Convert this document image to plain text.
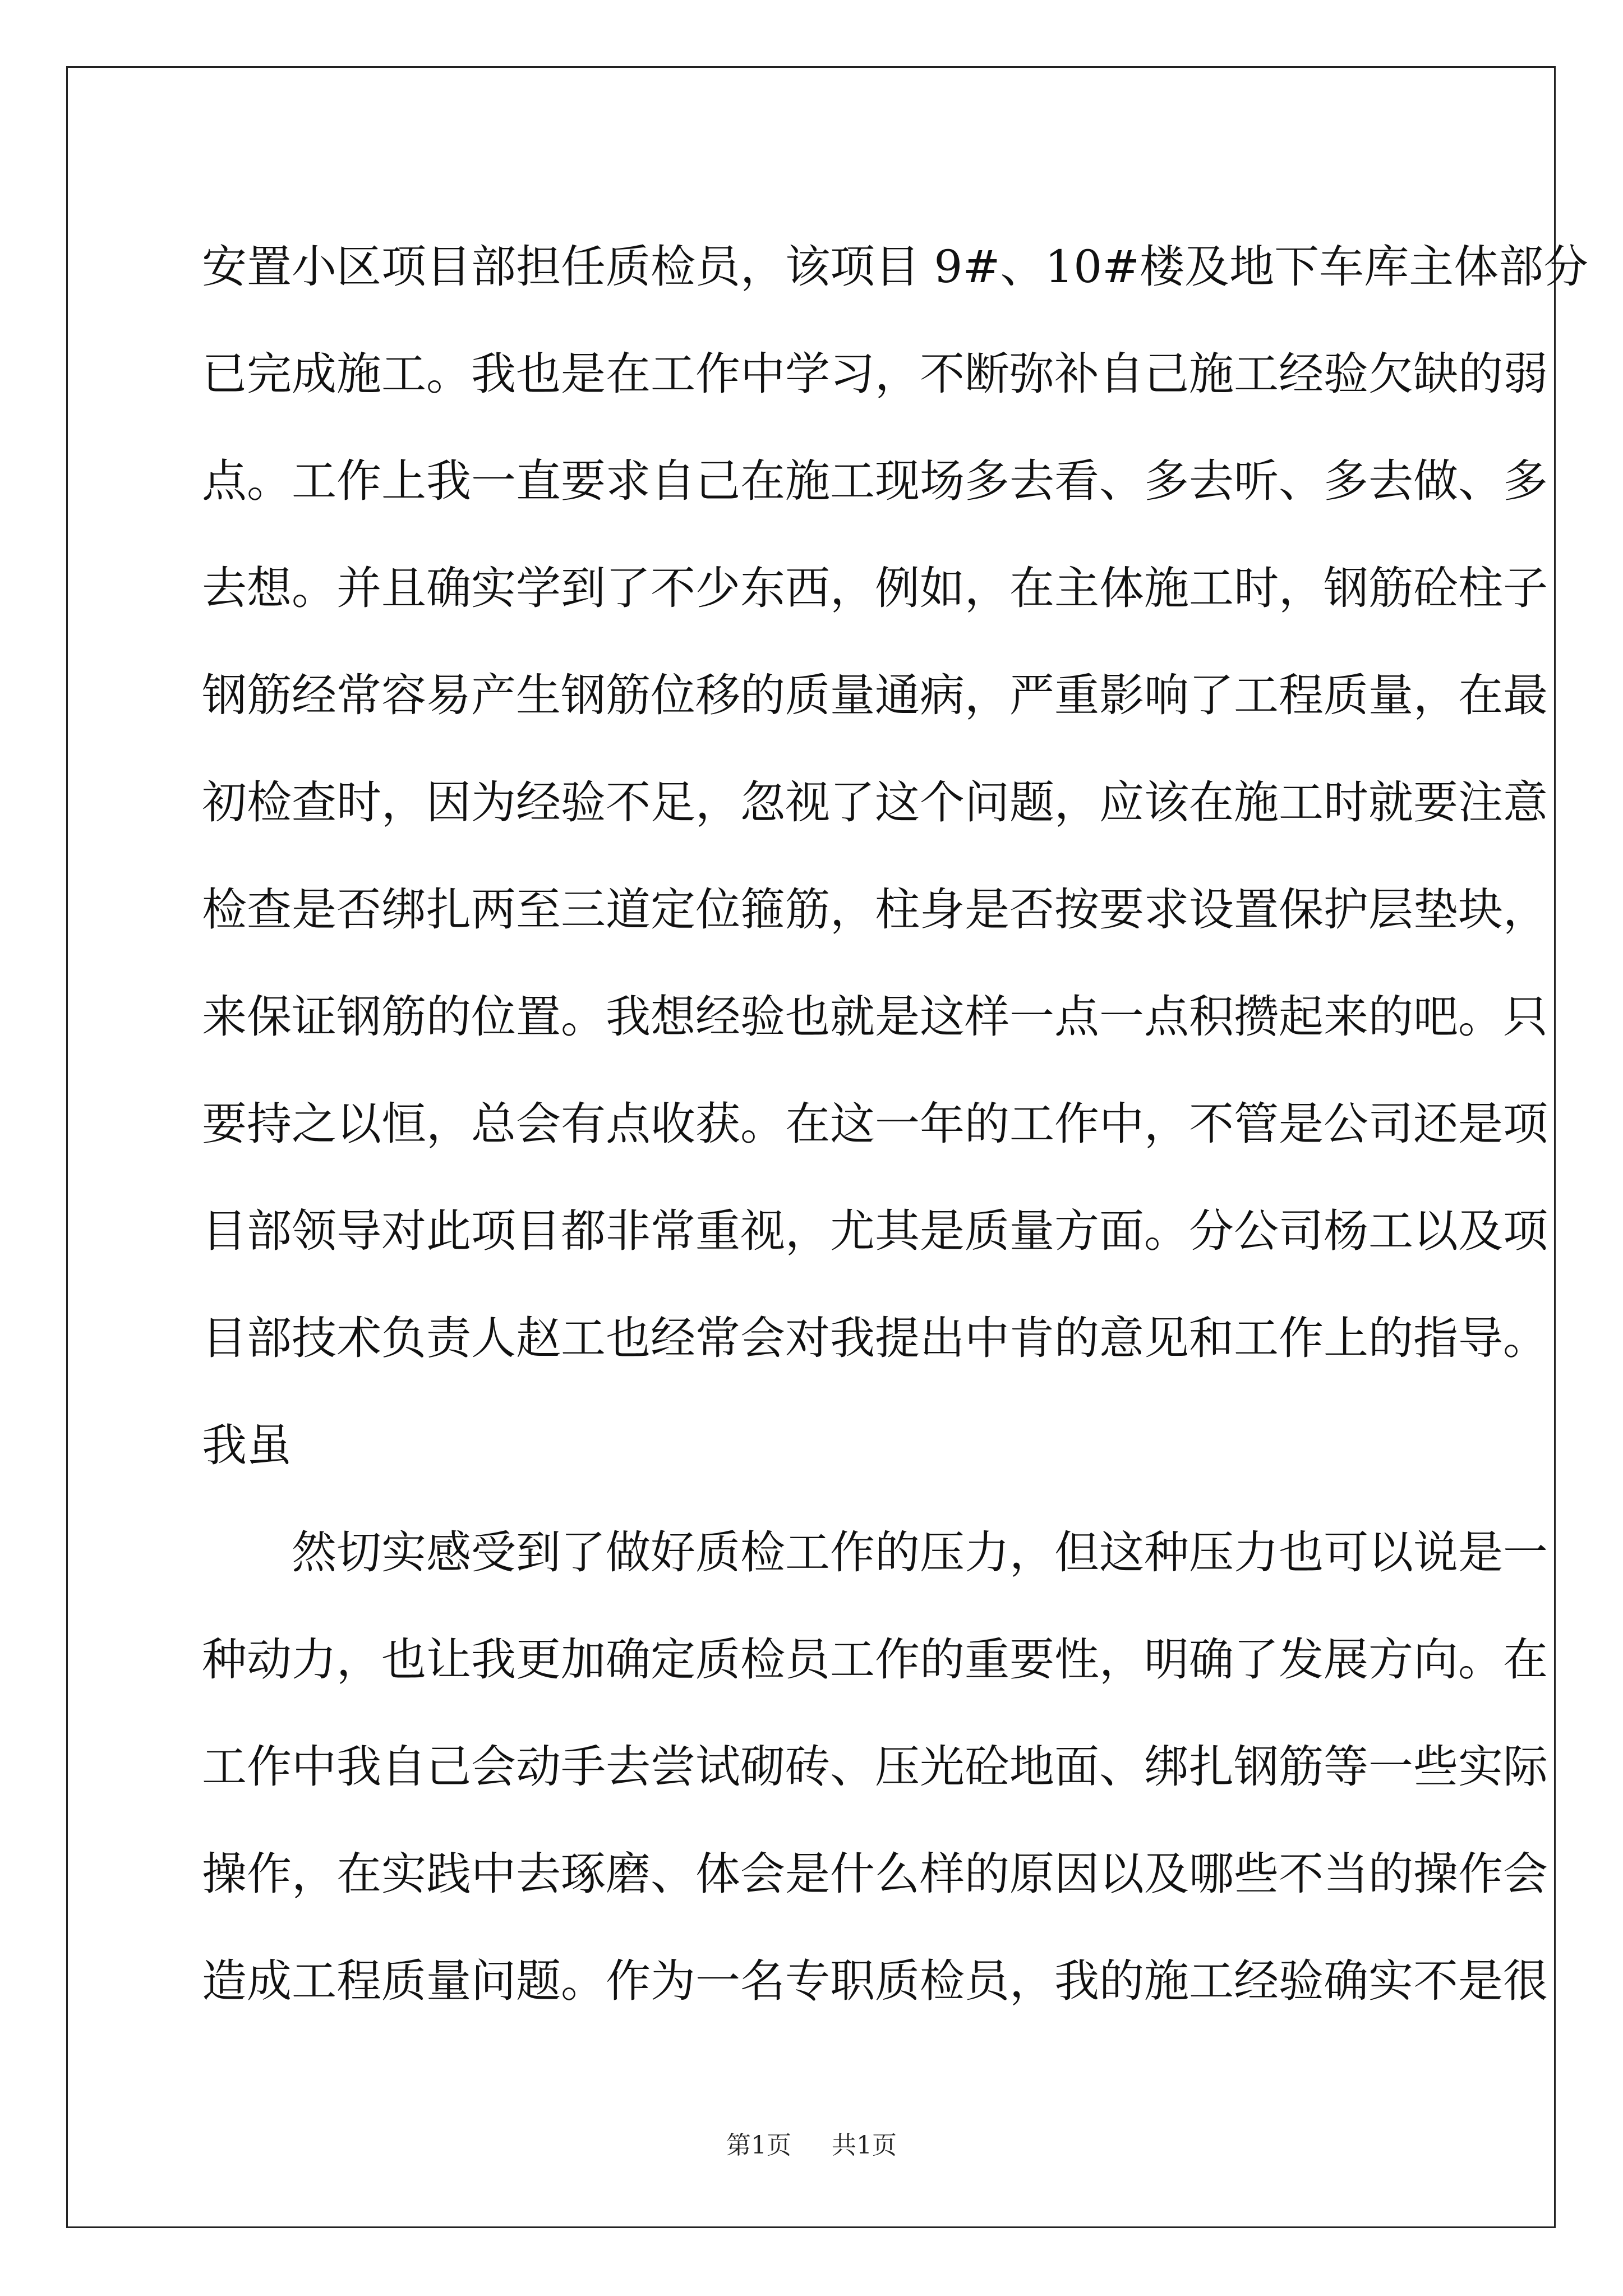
安置小区项目部担任质检员，该项目 9#、10#楼及地下车库主体部分
已完成施工。我也是在工作中学习，不断弥补自己施工经验欠缺的弱
点。工作上我一直要求自己在施工现场多去看、多去听、多去做、多
去想。并且确实学到了不少东西，例如，在主体施工时，钢筋砼柱子
钢筋经常容易产生钢筋位移的质量通病，严重影响了工程质量，在最
初检查时，因为经验不足，忽视了这个问题，应该在施工时就要注意
检查是否绑扎两至三道定位箍筋，柱身是否按要求设置保护层垫块，
来保证钢筋的位置。我想经验也就是这样一点一点积攒起来的吧。只
要持之以恒，总会有点收获。在这一年的工作中，不管是公司还是项
目部领导对此项目都非常重视，尤其是质量方面。分公司杨工以及项
目部技术负责人赵工也经常会对我提出中肯的意见和工作上的指导。
我虽
然切实感受到了做好质检工作的压力，但这种压力也可以说是一
种动力，也让我更加确定质检员工作的重要性，明确了发展方向。在
工作中我自己会动手去尝试砌砖、压光砼地面、绑扎钢筋等一些实际
操作，在实践中去琢磨、体会是什么样的原因以及哪些不当的操作会
造成工程质量问题。作为一名专职质检员，我的施工经验确实不是很
第1页 共1页
